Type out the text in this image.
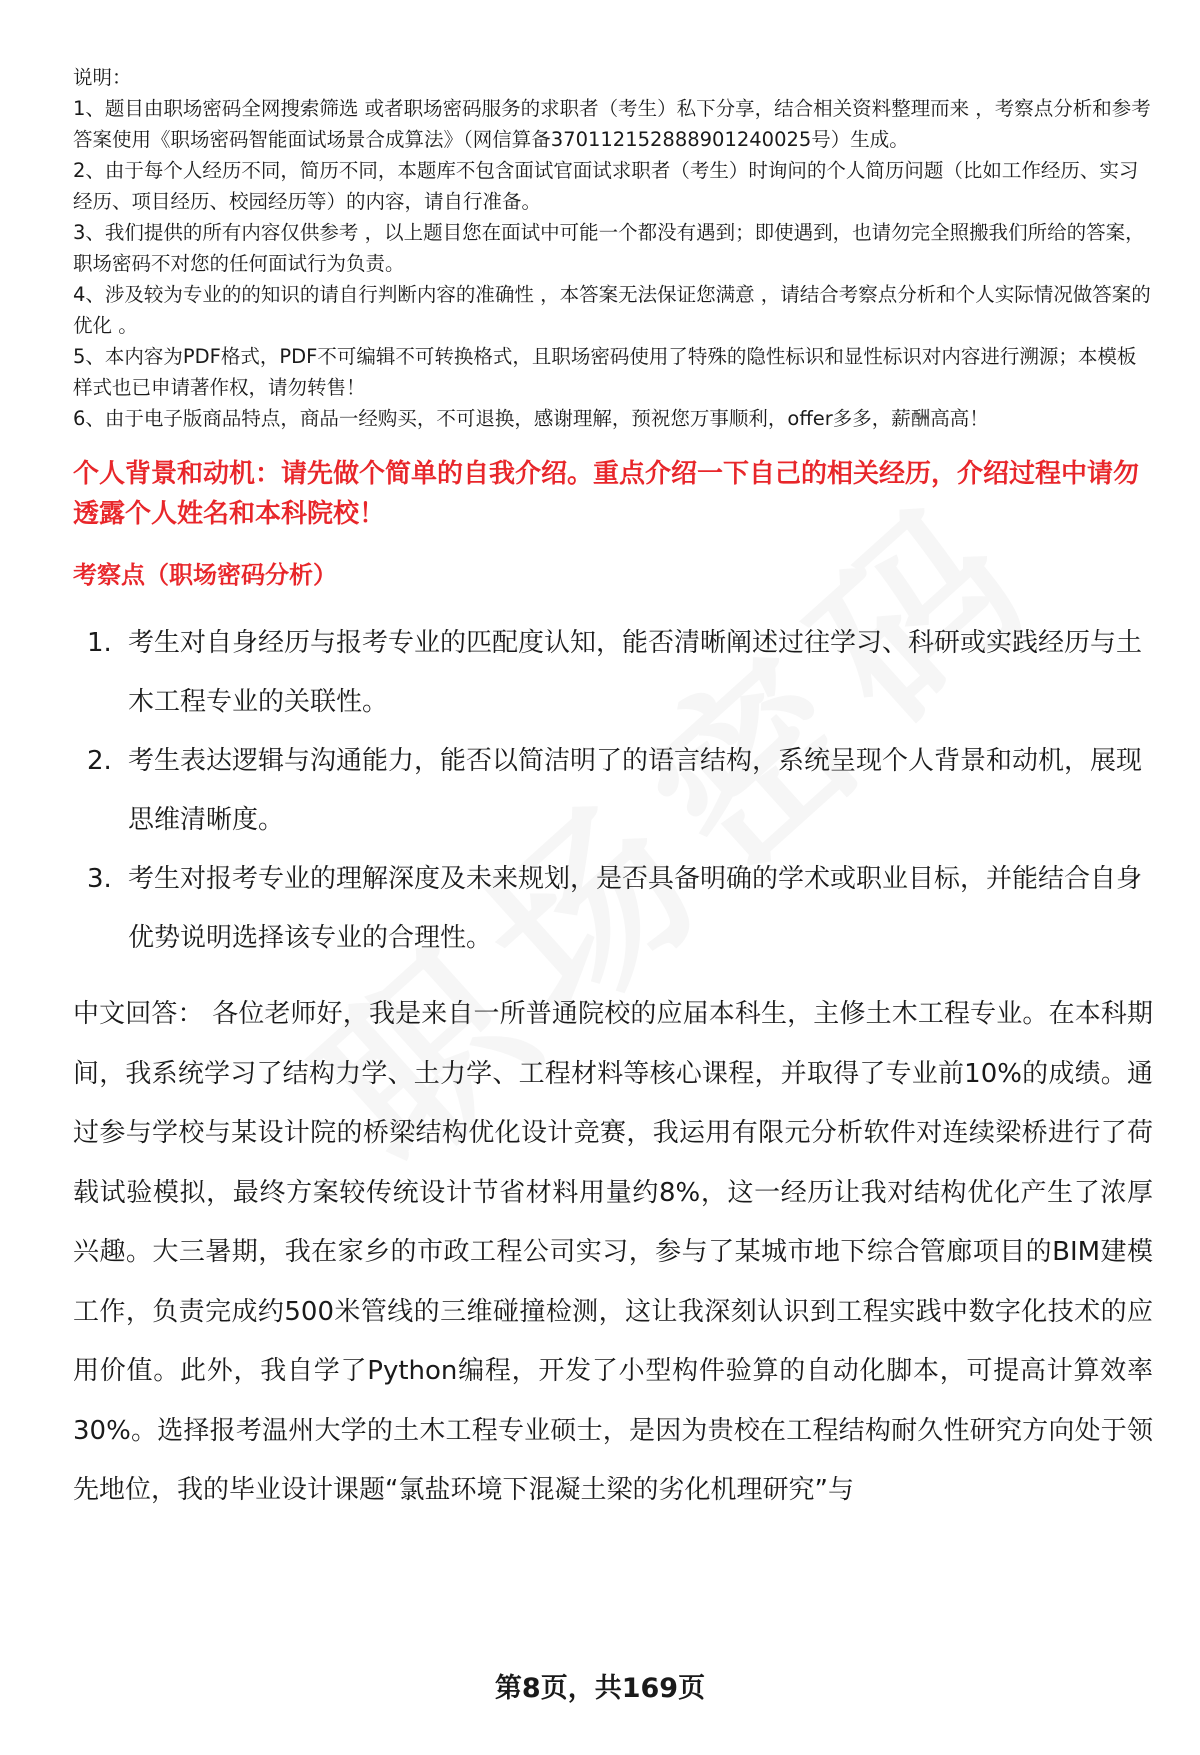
说明：

1、题目由职场密码全网搜索筛选 或者职场密码服务的求职者（考生）私下分享，结合相关资料整理而来 ，考察点分析和参考答案使用《职场密码智能面试场景合成算法》（网信算备370112152888901240025号）生成。

2、由于每个人经历不同，简历不同，本题库不包含面试官面试求职者（考生）时询问的个人简历问题（比如工作经历、实习经历、项目经历、校园经历等）的内容，请自行准备。

3、我们提供的所有内容仅供参考 ，以上题目您在面试中可能一个都没有遇到；即使遇到，也请勿完全照搬我们所给的答案，职场密码不对您的任何面试行为负责。

4、涉及较为专业的的知识的请自行判断内容的准确性 ，本答案无法保证您满意 ，请结合考察点分析和个人实际情况做答案的优化 。

5、本内容为PDF格式，PDF不可编辑不可转换格式，且职场密码使用了特殊的隐性标识和显性标识对内容进行溯源；本模板样式也已申请著作权，请勿转售！

6、由于电子版商品特点，商品一经购买，不可退换，感谢理解，预祝您万事顺利，offer多多，薪酬高高！

个人背景和动机：请先做个简单的自我介绍。重点介绍一下自己的相关经历，介绍过程中请勿透露个人姓名和本科院校！
考察点（职场密码分析）
1. 考生对自身经历与报考专业的匹配度认知，能否清晰阐述过往学习、科研或实践经历与土木工程专业的关联性。
2. 考生表达逻辑与沟通能力，能否以简洁明了的语言结构，系统呈现个人背景和动机，展现思维清晰度。
3. 考生对报考专业的理解深度及未来规划，是否具备明确的学术或职业目标，并能结合自身优势说明选择该专业的合理性。
中文回答： 各位老师好，我是来自一所普通院校的应届本科生，主修土木工程专业。在本科期间，我系统学习了结构力学、土力学、工程材料等核心课程，并取得了专业前10%的成绩。通过参与学校与某设计院的桥梁结构优化设计竞赛，我运用有限元分析软件对连续梁桥进行了荷载试验模拟，最终方案较传统设计节省材料用量约8%，这一经历让我对结构优化产生了浓厚兴趣。大三暑期，我在家乡的市政工程公司实习，参与了某城市地下综合管廊项目的BIM建模工作，负责完成约500米管线的三维碰撞检测，这让我深刻认识到工程实践中数字化技术的应用价值。此外，我自学了Python编程，开发了小型构件验算的自动化脚本，可提高计算效率30%。选择报考温州大学的土木工程专业硕士，是因为贵校在工程结构耐久性研究方向处于领先地位，我的毕业设计课题“氯盐环境下混凝土梁的劣化机理研究”与
第8页，共169页
